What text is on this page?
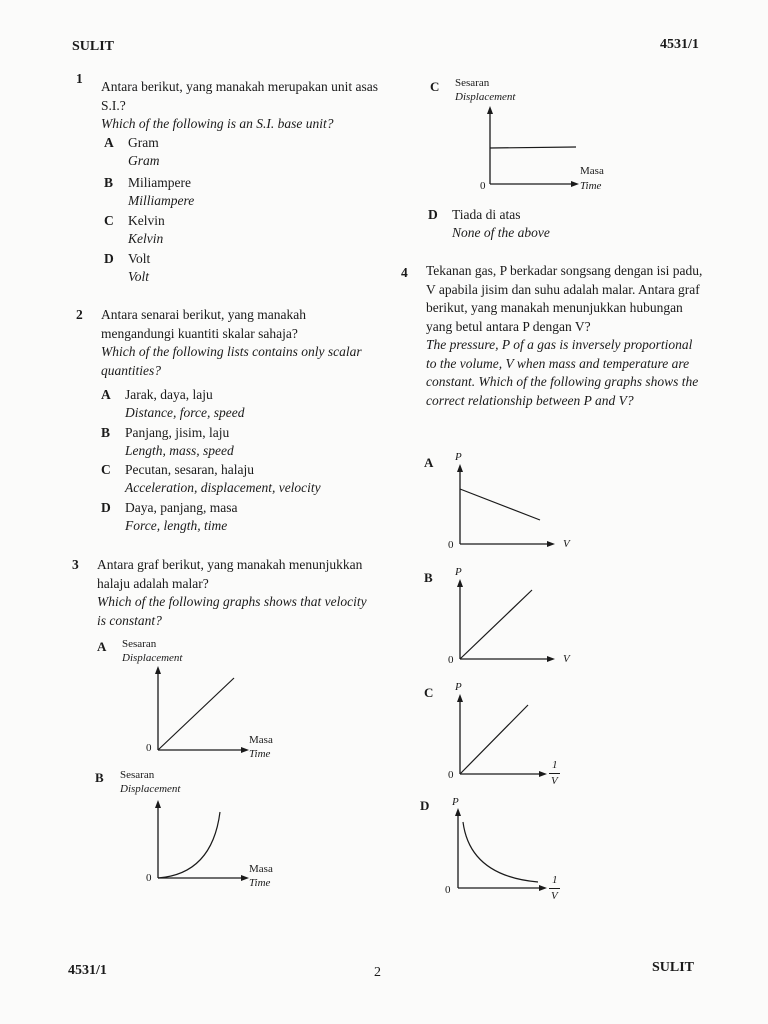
SULIT	4531/1
1

Antara berikut, yang manakah merupakan unit asas S.I.?

Which of the following is an S.I. base unit?

A Gram
Gram
B Miliampere
Milliampere
C Kelvin
Kelvin
D Volt
Volt
2 Antara senarai berikut, yang manakah mengandungi kuantiti skalar sahaja?

Which of the following lists contains only scalar quantities?

A Jarak, daya, laju
Distance, force, speed
B Panjang, jisim, laju
Length, mass, speed
C Pecutan, sesaran, halaju
Acceleration, displacement, velocity
D Daya, panjang, masa
Force, length, time
3 Antara graf berikut, yang manakah menunjukkan halaju adalah malar?

Which of the following graphs shows that velocity is constant?

A Sesaran
Displacement
0
Masa
Time
B Sesaran
Displacement
0
Masa
Time
C Sesaran
Displacement
0
Masa
Time
D Tiada di atas
None of the above
4 Tekanan gas, P berkadar songsang dengan isi padu, V apabila jisim dan suhu adalah malar. Antara graf berikut, yang manakah menunjukkan hubungan yang betul antara P dengan V?

The pressure, P of a gas is inversely proportional to the volume, V when mass and temperature are constant. Which of the following graphs shows the correct relationship between P and V?

A P
0	V
B P
0	V
C P
0
1
V
D P
0
1
V
4531/1	2	SULIT
